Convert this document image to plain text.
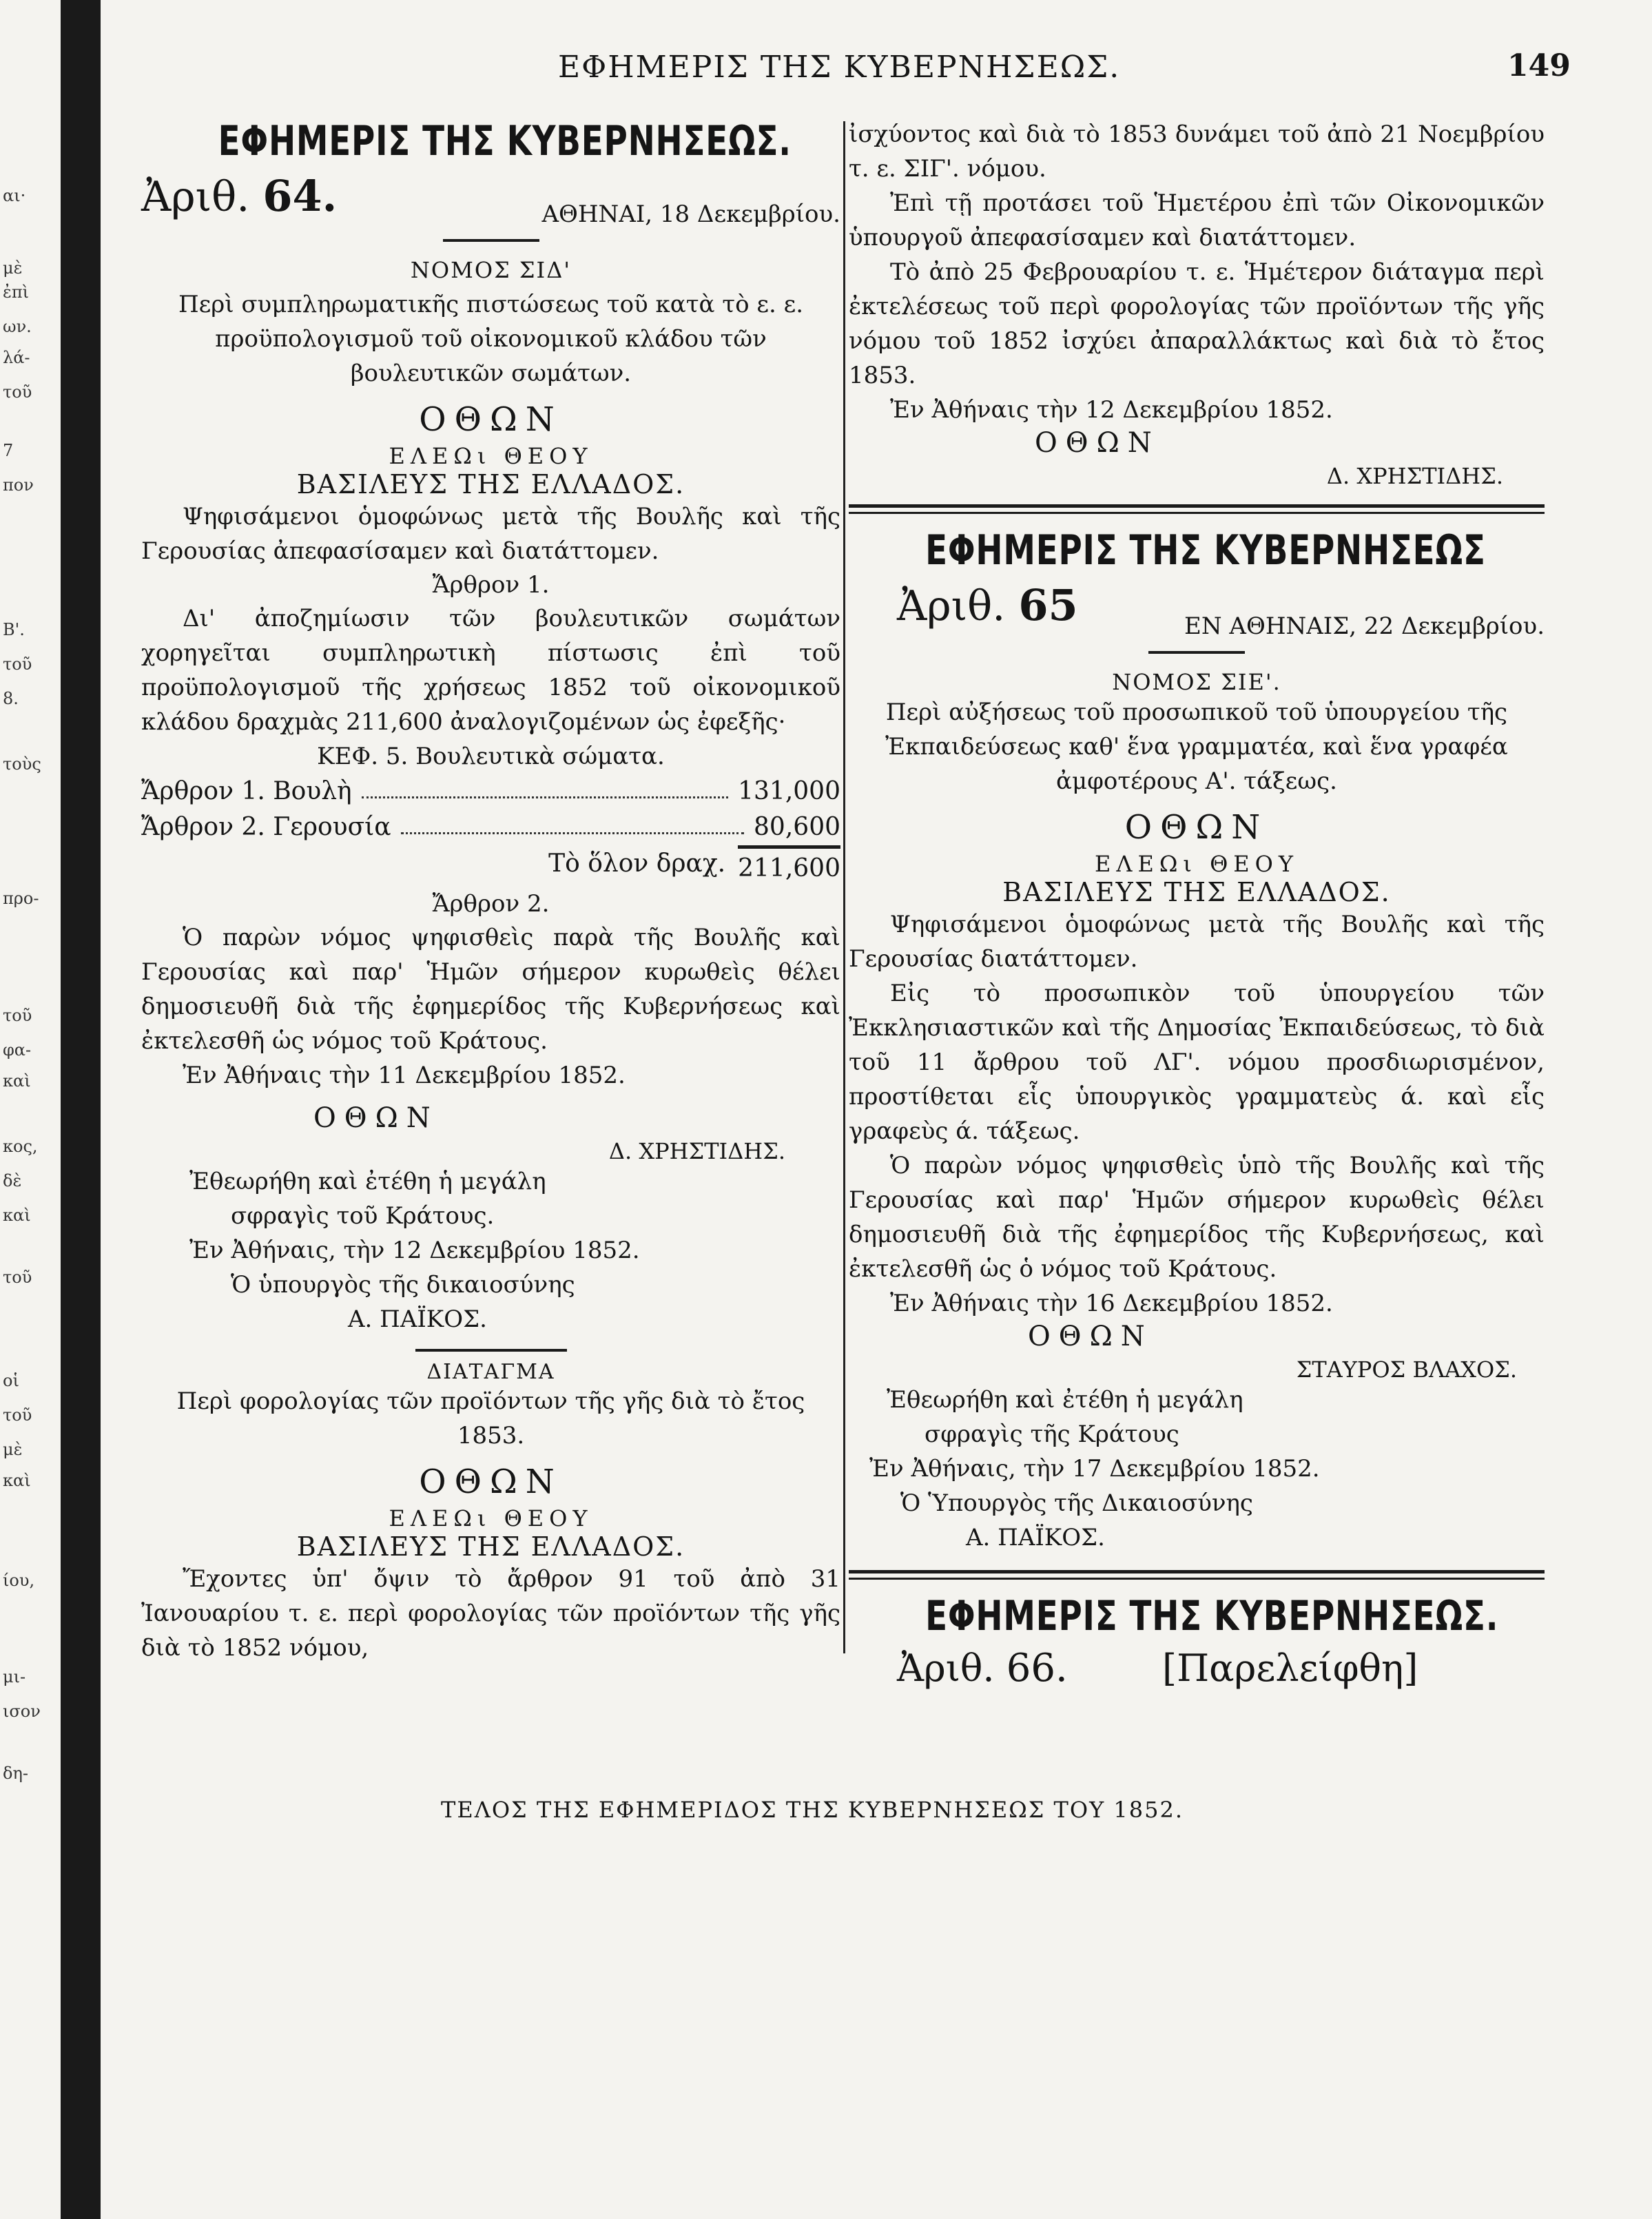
αι·
μὲ
ἐπὶ
ων.
λά-
τοῦ
7
πον
Β'.
τοῦ
8.
τοὺς
προ-
τοῦ
φα-
καὶ
κος,
δὲ
καὶ
τοῦ
οἱ
τοῦ
μὲ
καὶ
ίου,
μι-
ισον
δη-
ΕΦΗΜΕΡΙΣ ΤΗΣ ΚΥΒΕΡΝΗΣΕΩΣ.	149
ΕΦΗΜΕΡΙΣ ΤΗΣ ΚΥΒΕΡΝΗΣΕΩΣ.
Ἀριθ. 64.	ΑΘΗΝΑΙ, 18 Δεκεμβρίου.
ΝΟΜΟΣ ΣΙΔ'
Περὶ συμπληρωματικῆς πιστώσεως τοῦ κατὰ τὸ ε. ε. προϋπολογισμοῦ τοῦ οἰκονομικοῦ κλάδου τῶν βουλευτικῶν σωμάτων.
ΟΘΩΝ
ΕΛΕΩι ΘΕΟΥ
ΒΑΣΙΛΕΥΣ ΤΗΣ ΕΛΛΑΔΟΣ.
Ψηφισάμενοι ὁμοφώνως μετὰ τῆς Βουλῆς καὶ τῆς Γερουσίας ἀπεφασίσαμεν καὶ διατάττομεν.
Ἄρθρον 1.
Δι' ἀποζημίωσιν τῶν βουλευτικῶν σωμάτων χορηγεῖται συμπληρωτικὴ πίστωσις ἐπὶ τοῦ προϋπολογισμοῦ τῆς χρήσεως 1852 τοῦ οἰκονομικοῦ κλάδου δραχμὰς 211,600 ἀναλογιζομένων ὡς ἐφεξῆς·
ΚΕΦ. 5. Βουλευτικὰ σώματα.
Ἄρθρον 1. Βουλὴ	131,000
Ἄρθρον 2. Γερουσία	80,600
Τὸ ὅλον δραχ. 211,600
Ἄρθρον 2.
Ὁ παρὼν νόμος ψηφισθεὶς παρὰ τῆς Βουλῆς καὶ Γερουσίας καὶ παρ' Ἡμῶν σήμερον κυρωθεὶς θέλει δημοσιευθῆ διὰ τῆς ἐφημερίδος τῆς Κυβερνήσεως καὶ ἐκτελεσθῆ ὡς νόμος τοῦ Κράτους.
Ἐν Ἀθήναις τὴν 11 Δεκεμβρίου 1852.
ΟΘΩΝ
Δ. ΧΡΗΣΤΙΔΗΣ.
Ἐθεωρήθη καὶ ἐτέθη ἡ μεγάλη
σφραγὶς τοῦ Κράτους.
Ἐν Ἀθήναις, τὴν 12 Δεκεμβρίου 1852.
Ὁ ὑπουργὸς τῆς δικαιοσύνης
Α. ΠΑΪΚΟΣ.
ΔΙΑΤΑΓΜΑ
Περὶ φορολογίας τῶν προϊόντων τῆς γῆς διὰ τὸ ἔτος 1853.
ΟΘΩΝ
ΕΛΕΩι ΘΕΟΥ
ΒΑΣΙΛΕΥΣ ΤΗΣ ΕΛΛΑΔΟΣ.
Ἔχοντες ὑπ' ὄψιν τὸ ἄρθρον 91 τοῦ ἀπὸ 31 Ἰανουαρίου τ. ε. περὶ φορολογίας τῶν προϊόντων τῆς γῆς διὰ τὸ 1852 νόμου,
ἰσχύοντος καὶ διὰ τὸ 1853 δυνάμει τοῦ ἀπὸ 21 Νοεμβρίου τ. ε. ΣΙΓ'. νόμου.
Ἐπὶ τῇ προτάσει τοῦ Ἡμετέρου ἐπὶ τῶν Οἰκονομικῶν ὑπουργοῦ ἀπεφασίσαμεν καὶ διατάττομεν.
Τὸ ἀπὸ 25 Φεβρουαρίου τ. ε. Ἡμέτερον διάταγμα περὶ ἐκτελέσεως τοῦ περὶ φορολογίας τῶν προϊόντων τῆς γῆς νόμου τοῦ 1852 ἰσχύει ἀπαραλλάκτως καὶ διὰ τὸ ἔτος 1853.
Ἐν Ἀθήναις τὴν 12 Δεκεμβρίου 1852.
ΟΘΩΝ
Δ. ΧΡΗΣΤΙΔΗΣ.
ΕΦΗΜΕΡΙΣ ΤΗΣ ΚΥΒΕΡΝΗΣΕΩΣ
Ἀριθ. 65	ΕΝ ΑΘΗΝΑΙΣ, 22 Δεκεμβρίου.
ΝΟΜΟΣ ΣΙΕ'.
Περὶ αὐξήσεως τοῦ προσωπικοῦ τοῦ ὑπουργείου τῆς Ἐκπαιδεύσεως καθ' ἕνα γραμματέα, καὶ ἕνα γραφέα ἀμφοτέρους Α'. τάξεως.
ΟΘΩΝ
ΕΛΕΩι ΘΕΟΥ
ΒΑΣΙΛΕΥΣ ΤΗΣ ΕΛΛΑΔΟΣ.
Ψηφισάμενοι ὁμοφώνως μετὰ τῆς Βουλῆς καὶ τῆς Γερουσίας διατάττομεν.
Εἰς τὸ προσωπικὸν τοῦ ὑπουργείου τῶν Ἐκκλησιαστικῶν καὶ τῆς Δημοσίας Ἐκπαιδεύσεως, τὸ διὰ τοῦ 11 ἄρθρου τοῦ ΛΓ'. νόμου προσδιωρισμένον, προστίθεται εἷς ὑπουργικὸς γραμματεὺς ά. καὶ εἷς γραφεὺς ά. τάξεως.
Ὁ παρὼν νόμος ψηφισθεὶς ὑπὸ τῆς Βουλῆς καὶ τῆς Γερουσίας καὶ παρ' Ἡμῶν σήμερον κυρωθεὶς θέλει δημοσιευθῆ διὰ τῆς ἐφημερίδος τῆς Κυβερνήσεως, καὶ ἐκτελεσθῆ ὡς ὁ νόμος τοῦ Κράτους.
Ἐν Ἀθήναις τὴν 16 Δεκεμβρίου 1852.
ΟΘΩΝ
ΣΤΑΥΡΟΣ ΒΛΑΧΟΣ.
Ἐθεωρήθη καὶ ἐτέθη ἡ μεγάλη
σφραγὶς τῆς Κράτους
Ἐν Ἀθήναις, τὴν 17 Δεκεμβρίου 1852.
Ὁ Ὑπουργὸς τῆς Δικαιοσύνης
Α. ΠΑΪΚΟΣ.
ΕΦΗΜΕΡΙΣ ΤΗΣ ΚΥΒΕΡΝΗΣΕΩΣ.
Ἀριθ. 66.	[Παρελείφθη]
ΤΕΛΟΣ ΤΗΣ ΕΦΗΜΕΡΙΔΟΣ ΤΗΣ ΚΥΒΕΡΝΗΣΕΩΣ ΤΟΥ 1852.
